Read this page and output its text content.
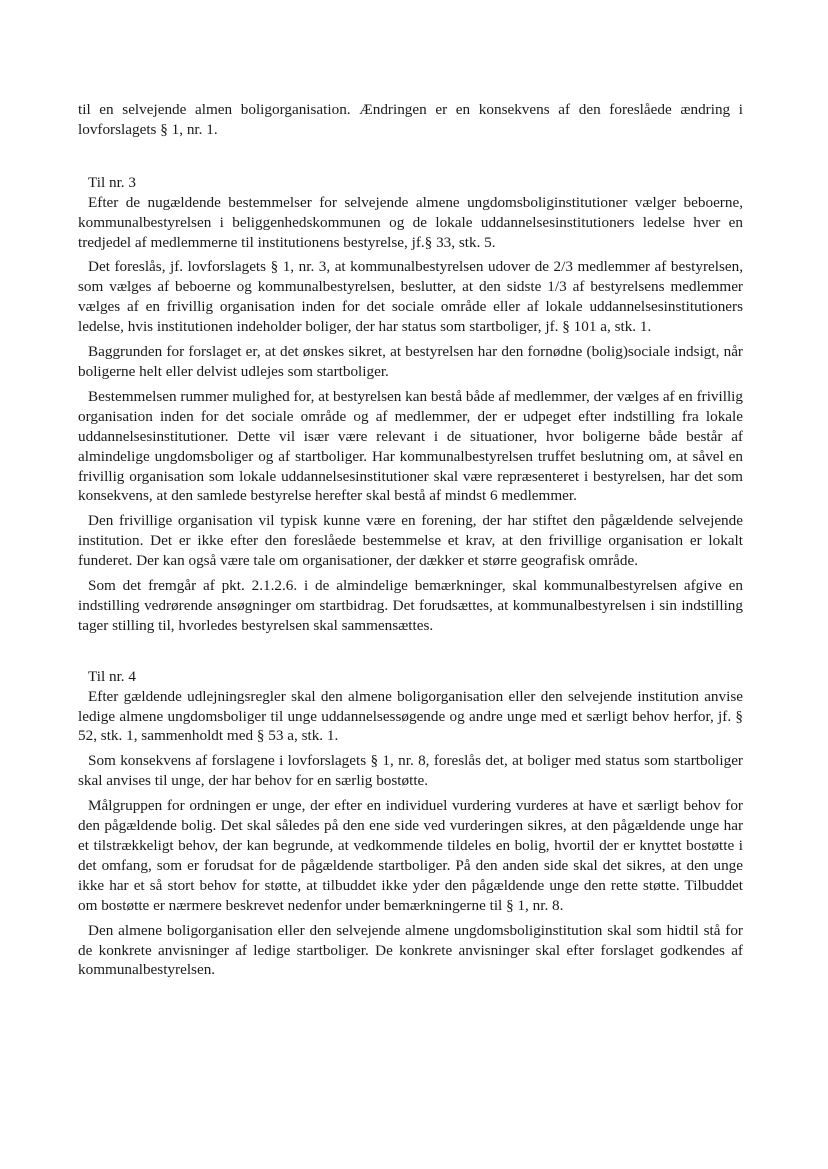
til en selvejende almen boligorganisation. Ændringen er en konsekvens af den foreslåede ændring i lovforslagets § 1, nr. 1.

Til nr. 3

Efter de nugældende bestemmelser for selvejende almene ungdomsboliginstitutioner vælger beboerne, kommunalbestyrelsen i beliggenhedskommunen og de lokale uddannelsesinstitutioners ledelse hver en tredjedel af medlemmerne til institutionens bestyrelse, jf.§ 33, stk. 5.

Det foreslås, jf. lovforslagets § 1, nr. 3, at kommunalbestyrelsen udover de 2/3 medlemmer af bestyrelsen, som vælges af beboerne og kommunalbestyrelsen, beslutter, at den sidste 1/3 af bestyrelsens medlemmer vælges af en frivillig organisation inden for det sociale område eller af lokale uddannelsesinstitutioners ledelse, hvis institutionen indeholder boliger, der har status som startboliger, jf. § 101 a, stk. 1.

Baggrunden for forslaget er, at det ønskes sikret, at bestyrelsen har den fornødne (bolig)sociale indsigt, når boligerne helt eller delvist udlejes som startboliger.

Bestemmelsen rummer mulighed for, at bestyrelsen kan bestå både af medlemmer, der vælges af en frivillig organisation inden for det sociale område og af medlemmer, der er udpeget efter indstilling fra lokale uddannelsesinstitutioner. Dette vil især være relevant i de situationer, hvor boligerne både består af almindelige ungdomsboliger og af startboliger. Har kommunalbestyrelsen truffet beslutning om, at såvel en frivillig organisation som lokale uddannelsesinstitutioner skal være repræsenteret i bestyrelsen, har det som konsekvens, at den samlede bestyrelse herefter skal bestå af mindst 6 medlemmer.

Den frivillige organisation vil typisk kunne være en forening, der har stiftet den pågældende selvejende institution. Det er ikke efter den foreslåede bestemmelse et krav, at den frivillige organisation er lokalt funderet. Der kan også være tale om organisationer, der dækker et større geografisk område.

Som det fremgår af pkt. 2.1.2.6. i de almindelige bemærkninger, skal kommunalbestyrelsen afgive en indstilling vedrørende ansøgninger om startbidrag. Det forudsættes, at kommunalbestyrelsen i sin indstilling tager stilling til, hvorledes bestyrelsen skal sammensættes.

Til nr. 4

Efter gældende udlejningsregler skal den almene boligorganisation eller den selvejende institution anvise ledige almene ungdomsboliger til unge uddannelsessøgende og andre unge med et særligt behov herfor, jf. § 52, stk. 1, sammenholdt med § 53 a, stk. 1.

Som konsekvens af forslagene i lovforslagets § 1, nr. 8, foreslås det, at boliger med status som startboliger skal anvises til unge, der har behov for en særlig bostøtte.

Målgruppen for ordningen er unge, der efter en individuel vurdering vurderes at have et særligt behov for den pågældende bolig. Det skal således på den ene side ved vurderingen sikres, at den pågældende unge har et tilstrækkeligt behov, der kan begrunde, at vedkommende tildeles en bolig, hvortil der er knyttet bostøtte i det omfang, som er forudsat for de pågældende startboliger. På den anden side skal det sikres, at den unge ikke har et så stort behov for støtte, at tilbuddet ikke yder den pågældende unge den rette støtte. Tilbuddet om bostøtte er nærmere beskrevet nedenfor under bemærkningerne til § 1, nr. 8.

Den almene boligorganisation eller den selvejende almene ungdomsboliginstitution skal som hidtil stå for de konkrete anvisninger af ledige startboliger. De konkrete anvisninger skal efter forslaget godkendes af kommunalbestyrelsen.
